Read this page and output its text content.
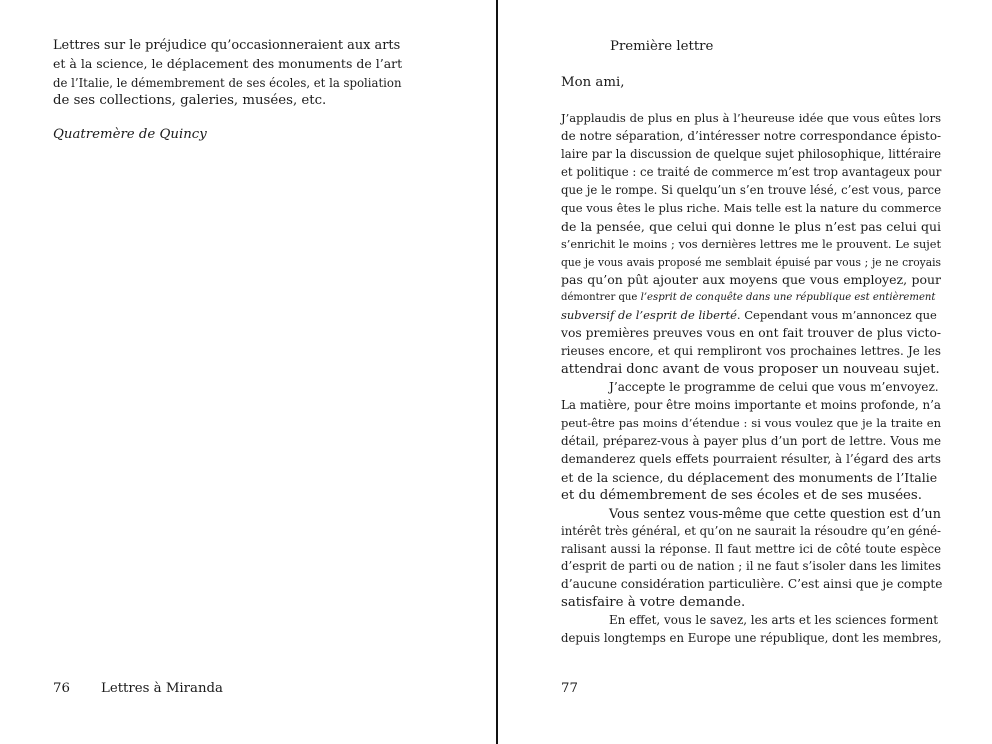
Lettres sur le préjudice qu’occasionneraient aux arts
et à la science, le déplacement des monuments de l’art
de l’Italie, le démembrement de ses écoles, et la spoliation
de ses collections, galeries, musées, etc.
Quatremère de Quincy
76 Lettres à Miranda
Première lettre
Mon ami,
J’applaudis de plus en plus à l’heureuse idée que vous eûtes lors
de notre séparation, d’intéresser notre correspondance épisto-
laire par la discussion de quelque sujet philosophique, littéraire
et politique : ce traité de commerce m’est trop avantageux pour
que je le rompe. Si quelqu’un s’en trouve lésé, c’est vous, parce
que vous êtes le plus riche. Mais telle est la nature du commerce
de la pensée, que celui qui donne le plus n’est pas celui qui
s’enrichit le moins ; vos dernières lettres me le prouvent. Le sujet
que je vous avais proposé me semblait épuisé par vous ; je ne croyais
pas qu’on pût ajouter aux moyens que vous employez, pour
démontrer que l’esprit de conquête dans une république est entièrement
subversif de l’esprit de liberté. Cependant vous m’annoncez que
vos premières preuves vous en ont fait trouver de plus victo-
rieuses encore, et qui rempliront vos prochaines lettres. Je les
attendrai donc avant de vous proposer un nouveau sujet.
J’accepte le programme de celui que vous m’envoyez.
La matière, pour être moins importante et moins profonde, n’a
peut-être pas moins d’étendue : si vous voulez que je la traite en
détail, préparez-vous à payer plus d’un port de lettre. Vous me
demanderez quels effets pourraient résulter, à l’égard des arts
et de la science, du déplacement des monuments de l’Italie
et du démembrement de ses écoles et de ses musées.
Vous sentez vous-même que cette question est d’un
intérêt très général, et qu’on ne saurait la résoudre qu’en géné-
ralisant aussi la réponse. Il faut mettre ici de côté toute espèce
d’esprit de parti ou de nation ; il ne faut s’isoler dans les limites
d’aucune considération particulière. C’est ainsi que je compte
satisfaire à votre demande.
En effet, vous le savez, les arts et les sciences forment
depuis longtemps en Europe une république, dont les membres,
77
